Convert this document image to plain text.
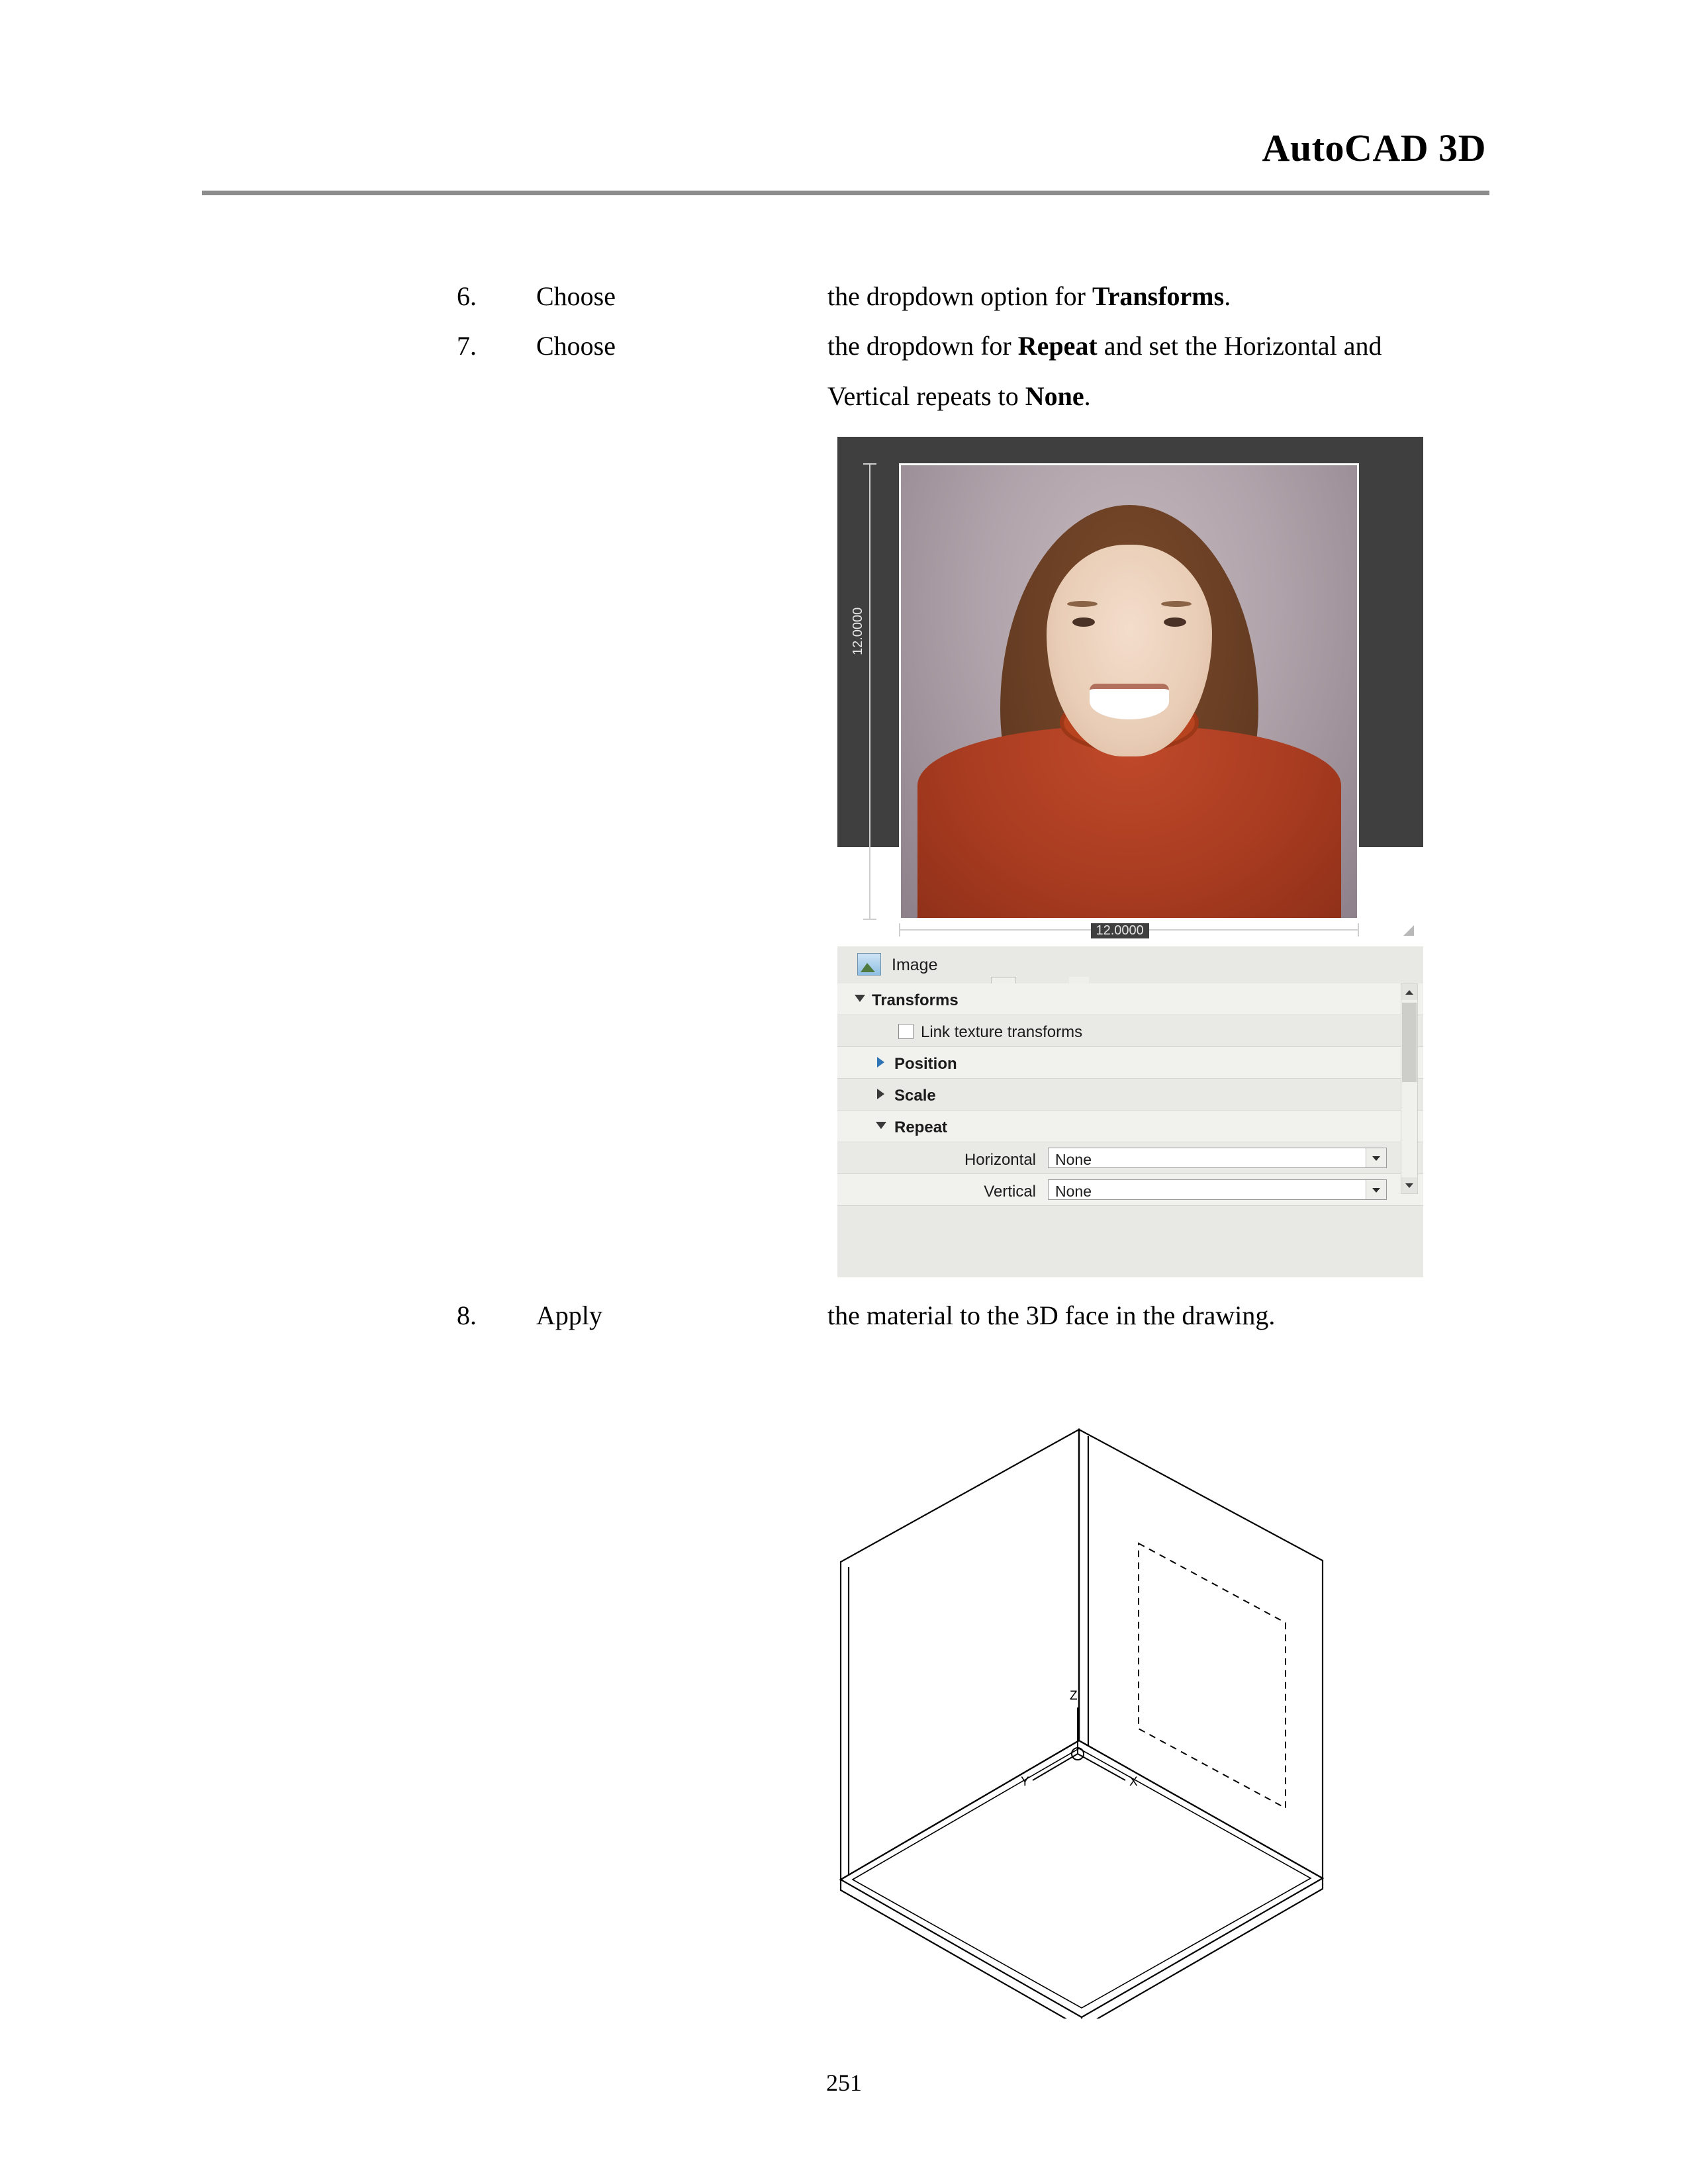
AutoCAD 3D
6.	Choose	the dropdown option for Transforms.
7.	Choose	the dropdown for Repeat and set the Horizontal and Vertical repeats to None.
12.0000
12.0000
Image
Transforms
Link texture transforms
Position
Scale
Repeat
Horizontal None
Vertical None
8.	Apply	the material to the 3D face in the drawing.
Z
X
Y
251
